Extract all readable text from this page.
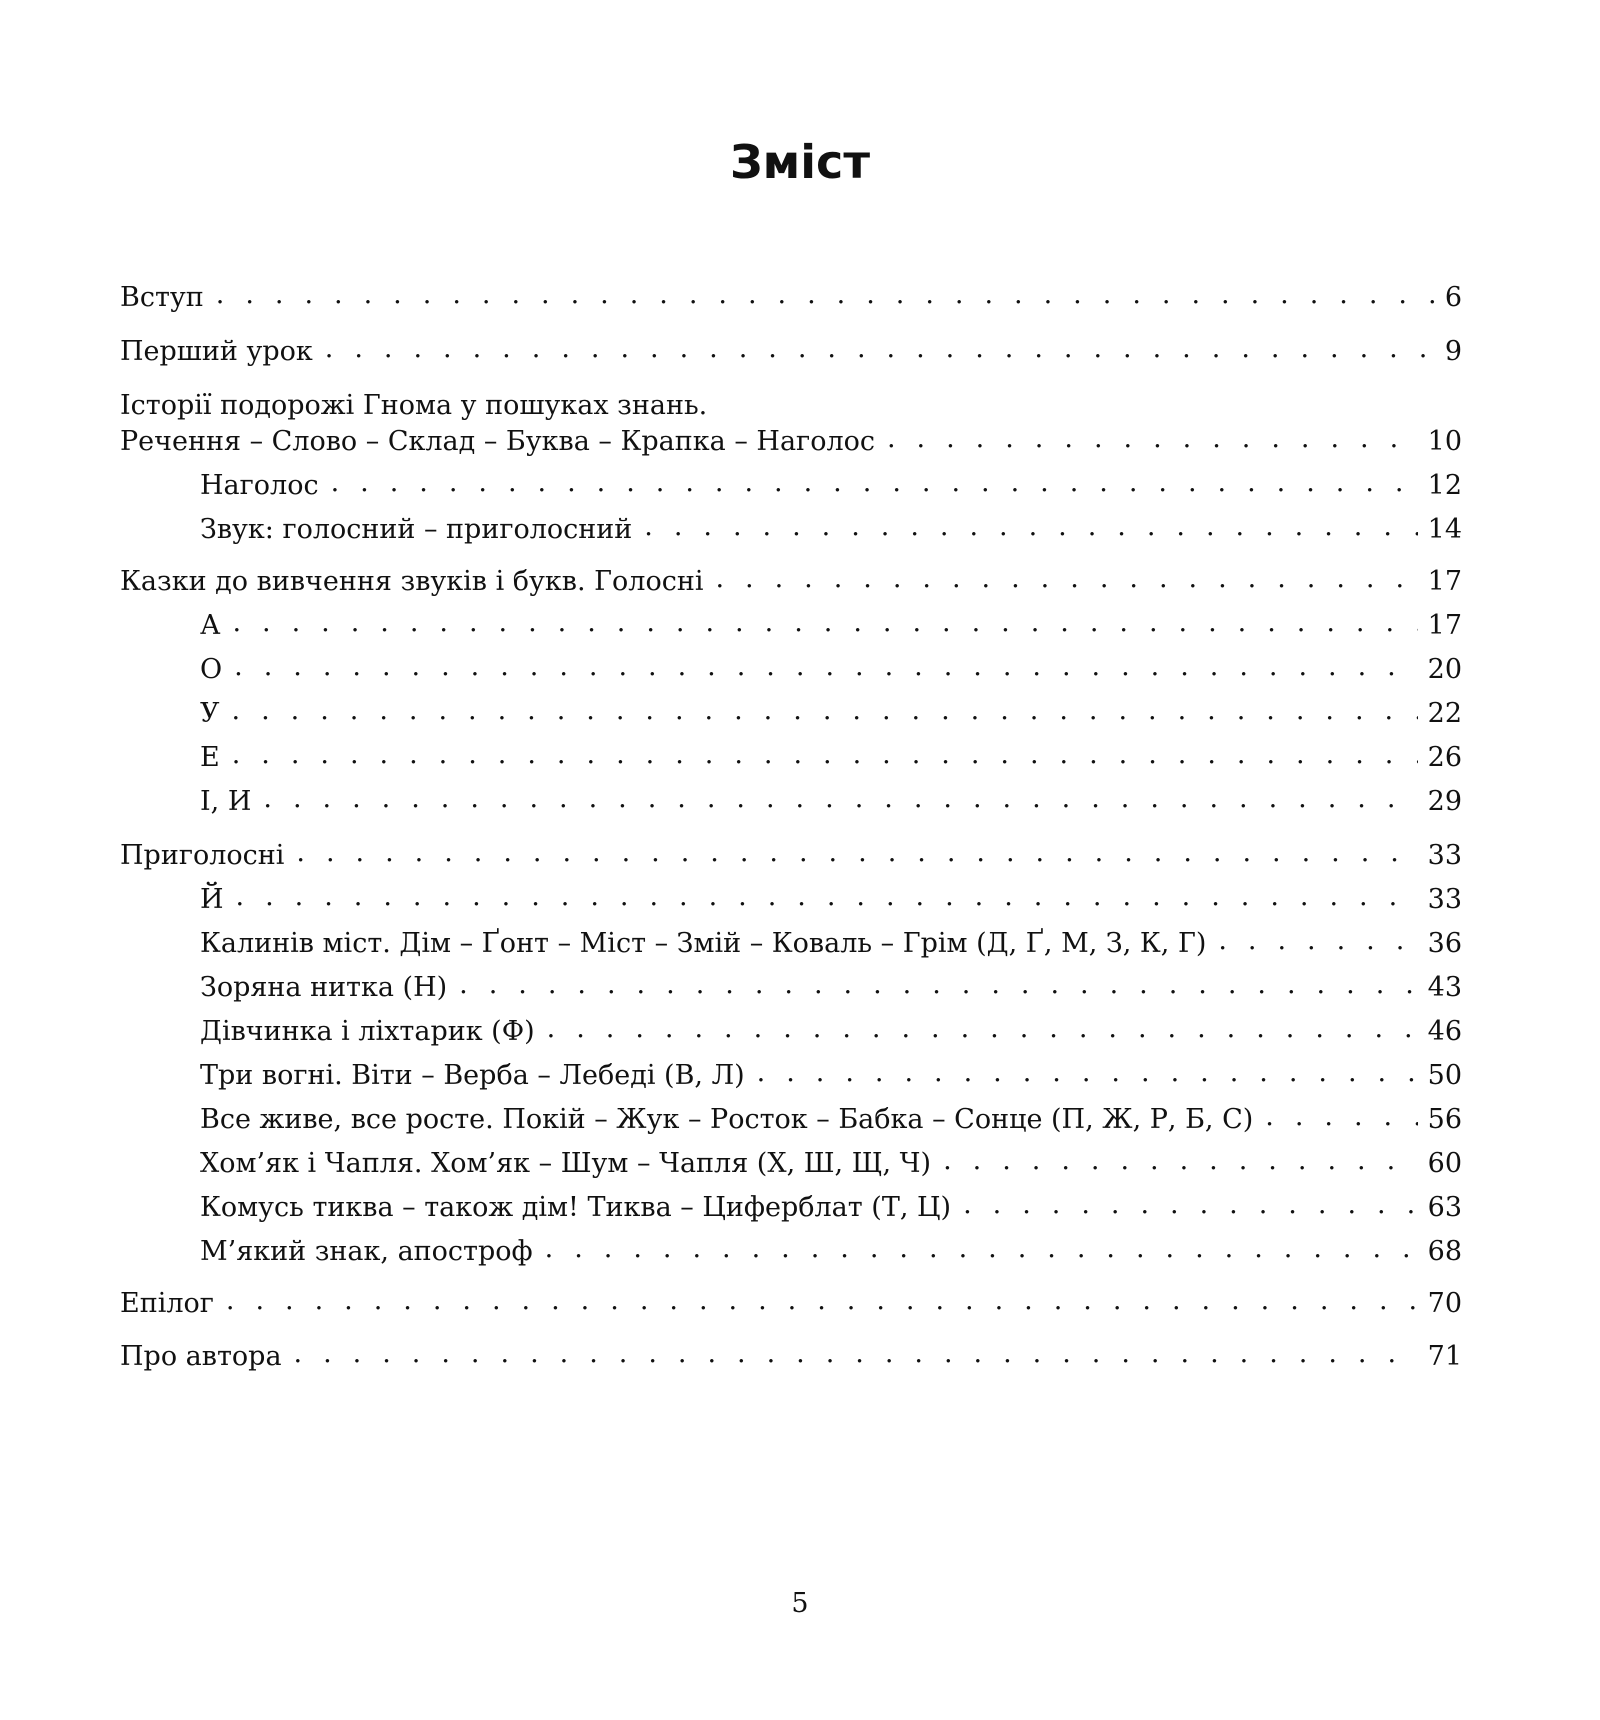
Зміст
Вступ . . .	6
Перший урок . . .	9
Історії подорожі Гнома у пошуках знань.
Речення – Слово – Склад – Буква – Крапка – Наголос . . .	10
Наголос . . .	12
Звук: голосний – приголосний . . .	14
Казки до вивчення звуків і букв. Голосні . . .	17
А . . .	17
О . . .	20
У . . .	22
Е . . .	26
І, И . . .	29
Приголосні . . .	33
Й . . .	33
Калинів міст. Дім – Ґонт – Міст – Змій – Коваль – Грім (Д, Ґ, М, З, К, Г) . . .	36
Зоряна нитка (Н) . . .	43
Дівчинка і ліхтарик (Ф) . . .	46
Три вогні. Віти – Верба – Лебеді (В, Л) . . .	50
Все живе, все росте. Покій – Жук – Росток – Бабка – Сонце (П, Ж, Р, Б, С) . . .	56
Хом’як і Чапля. Хом’як – Шум – Чапля (Х, Ш, Щ, Ч) . . .	60
Комусь тиква – також дім! Тиква – Циферблат (Т, Ц) . . .	63
М’який знак, апостроф . . .	68
Епілог . . .	70
Про автора . . .	71
5
